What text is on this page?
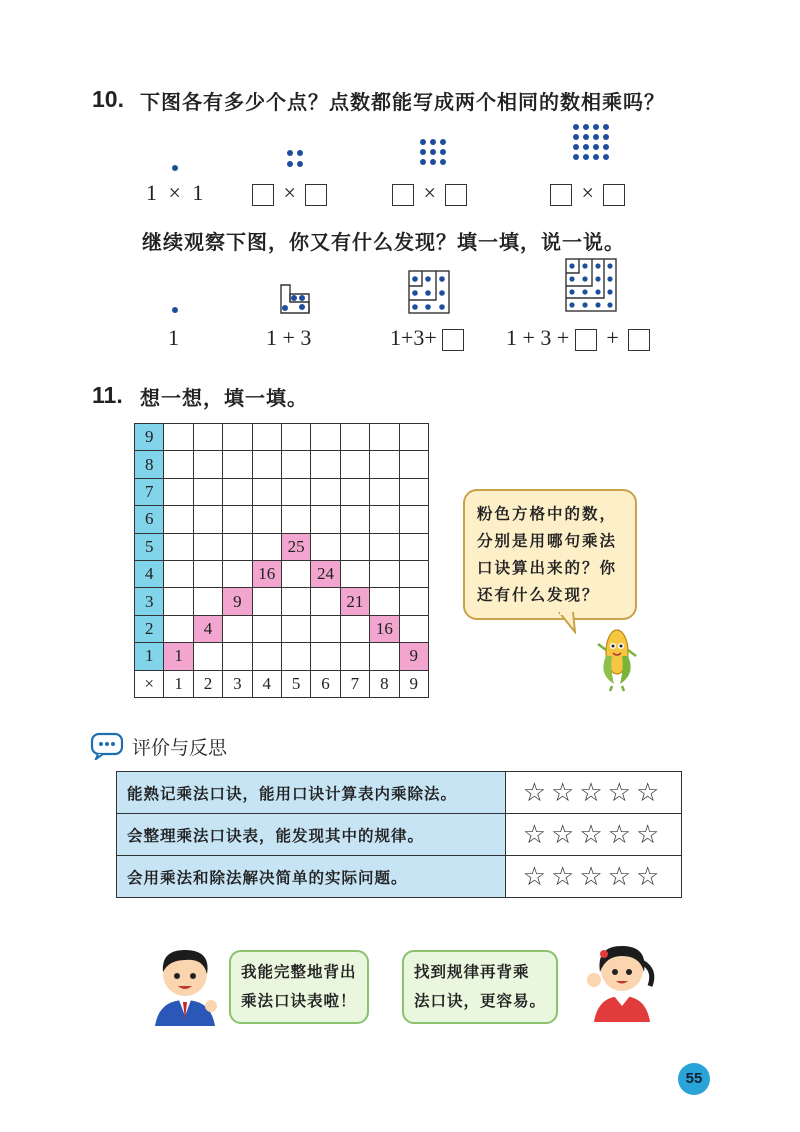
10. 下图各有多少个点？点数都能写成两个相同的数相乘吗？
1 × 1	×	×	×
继续观察下图，你又有什么发现？填一填，说一说。
1	1 + 3	1+3+	1 + 3 + +
11. 想一想，填一填。
9									
8									
7									
6									
5					25				
4				16		24			
3			9				21		
2		4						16	
1	1								9
×	1	2	3	4	5	6	7	8	9
粉色方格中的数，
分别是用哪句乘法
口诀算出来的？你
还有什么发现？
评价与反思
能熟记乘法口诀，能用口诀计算表内乘除法。	☆☆☆☆☆
会整理乘法口诀表，能发现其中的规律。	☆☆☆☆☆
会用乘法和除法解决简单的实际问题。	☆☆☆☆☆
我能完整地背出
乘法口诀表啦！
找到规律再背乘
法口诀，更容易。
55
